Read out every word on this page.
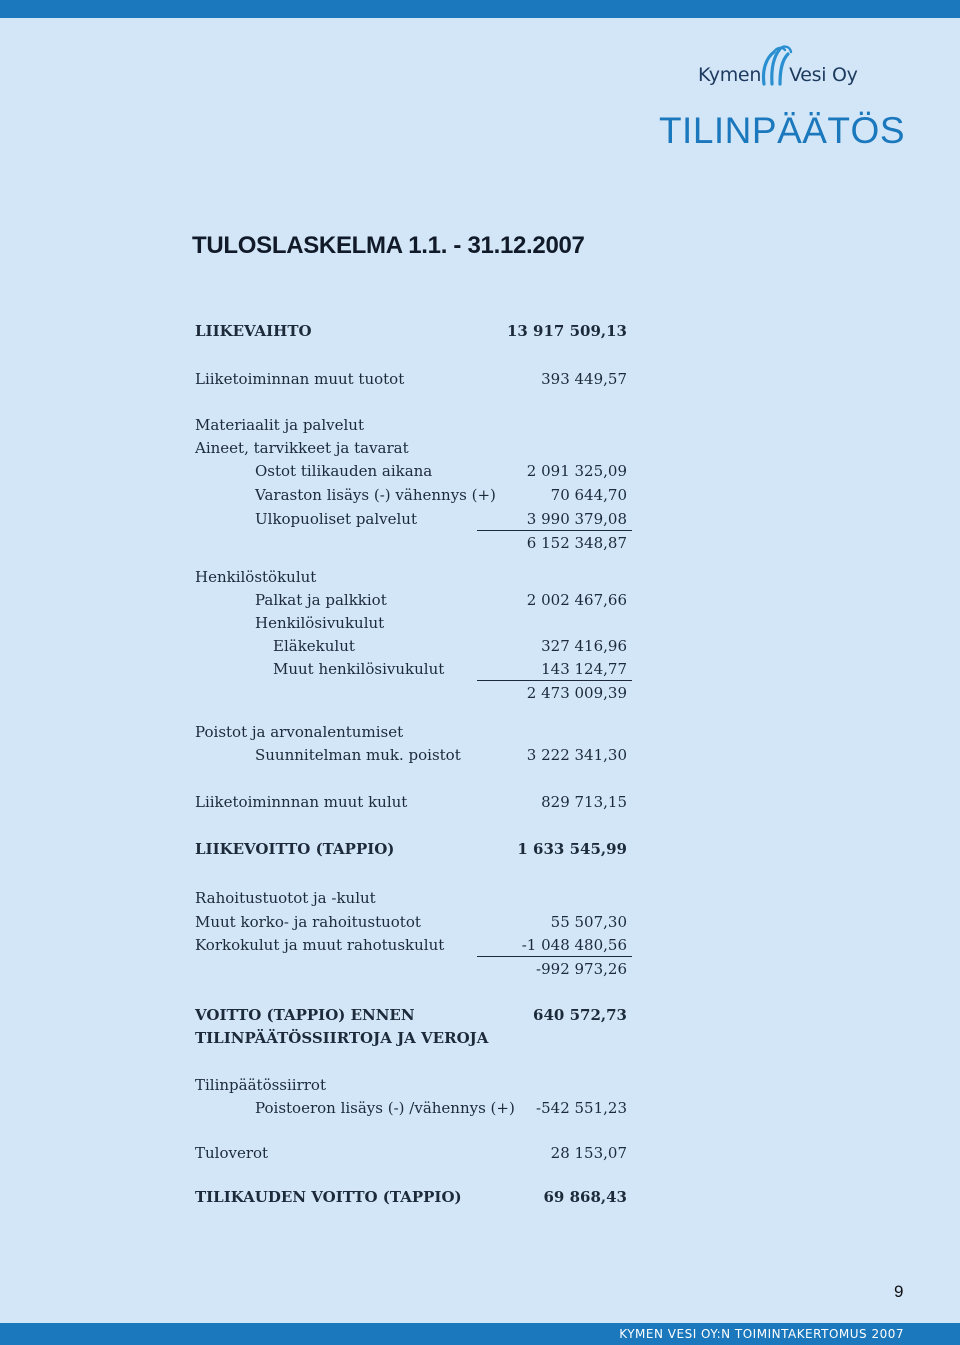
Kymen Vesi Oy
TILINPÄÄTÖS
TULOSLASKELMA 1.1. - 31.12.2007
LIIKEVAIHTO	13 917 509,13
Liiketoiminnan muut tuotot	393 449,57
Materiaalit ja palvelut
Aineet, tarvikkeet ja tavarat
Ostot tilikauden aikana	2 091 325,09
Varaston lisäys (-) vähennys (+)	70 644,70
Ulkopuoliset palvelut	3 990 379,08
6 152 348,87
Henkilöstökulut
Palkat ja palkkiot	2 002 467,66
Henkilösivukulut
Eläkekulut	327 416,96
Muut henkilösivukulut	143 124,77
2 473 009,39
Poistot ja arvonalentumiset
Suunnitelman muk. poistot	3 222 341,30
Liiketoiminnnan muut kulut	829 713,15
LIIKEVOITTO (TAPPIO)	1 633 545,99
Rahoitustuotot ja -kulut
Muut korko- ja rahoitustuotot	55 507,30
Korkokulut ja muut rahotuskulut	-1 048 480,56
-992 973,26
VOITTO (TAPPIO) ENNEN	640 572,73
TILINPÄÄTÖSSIIRTOJA JA VEROJA
Tilinpäätössiirrot
Poistoeron lisäys (-) /vähennys (+) -542 551,23
Tuloverot	28 153,07
TILIKAUDEN VOITTO (TAPPIO)	69 868,43
9
KYMEN VESI OY:N TOIMINTAKERTOMUS 2007
